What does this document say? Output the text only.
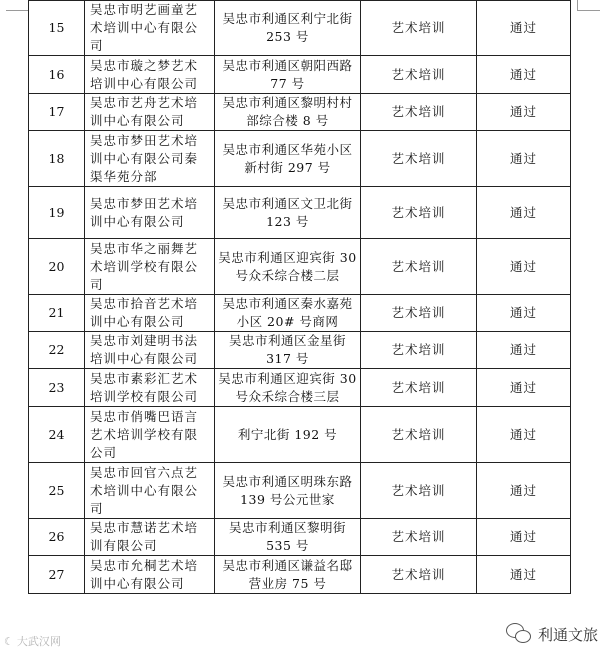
15	吴忠市明艺画童艺术培训中心有限公司	吴忠市利通区利宁北街 253 号	艺术培训	通过
16	吴忠市璇之梦艺术培训中心有限公司	吴忠市利通区朝阳西路 77 号	艺术培训	通过
17	吴忠市艺舟艺术培训中心有限公司	吴忠市利通区黎明村村部综合楼 8 号	艺术培训	通过
18	吴忠市梦田艺术培训中心有限公司秦渠华苑分部	吴忠市利通区华苑小区新村街 297 号	艺术培训	通过
19	吴忠市梦田艺术培训中心有限公司	吴忠市利通区文卫北街 123 号	艺术培训	通过
20	吴忠市华之丽舞艺术培训学校有限公司	吴忠市利通区迎宾街 30 号众禾综合楼二层	艺术培训	通过
21	吴忠市拾音艺术培训中心有限公司	吴忠市利通区秦水嘉苑小区 20# 号商网	艺术培训	通过
22	吴忠市刘建明书法培训中心有限公司	吴忠市利通区金星街 317 号	艺术培训	通过
23	吴忠市素彩汇艺术培训学校有限公司	吴忠市利通区迎宾街 30 号众禾综合楼三层	艺术培训	通过
24	吴忠市俏嘴巴语言艺术培训学校有限公司	利宁北街 192 号	艺术培训	通过
25	吴忠市回官六点艺术培训中心有限公司	吴忠市利通区明珠东路 139 号公元世家	艺术培训	通过
26	吴忠市慧诺艺术培训有限公司	吴忠市利通区黎明街 535 号	艺术培训	通过
27	吴忠市允桐艺术培训中心有限公司	吴忠市利通区谦益名邸营业房 75 号	艺术培训	通过
☾ 大武汉网	利通文旅
